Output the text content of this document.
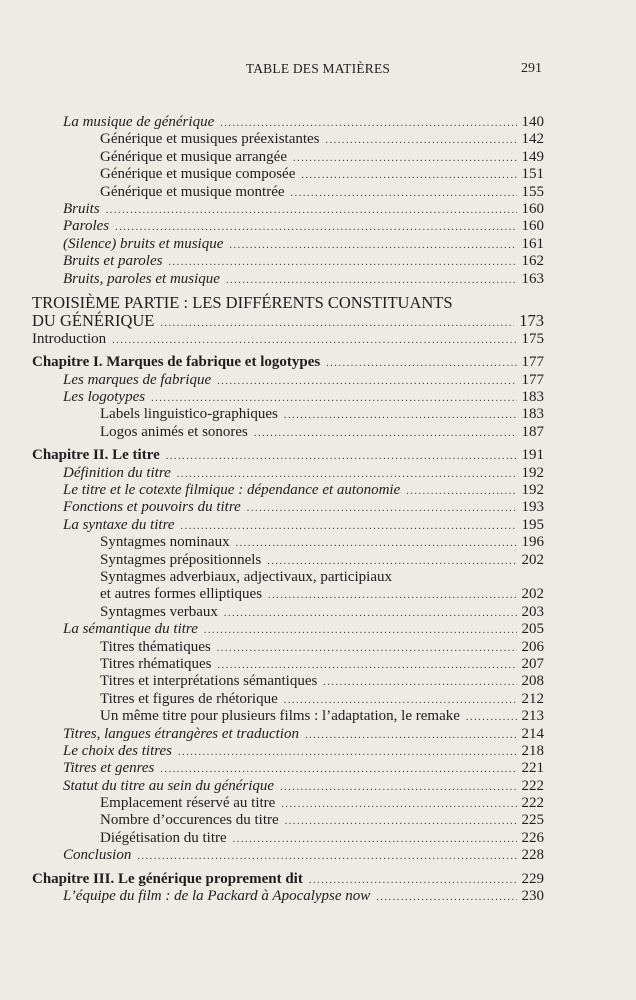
TABLE DES MATIÈRES	291
La musique de générique .....	140
Générique et musiques préexistantes .....	142
Générique et musique arrangée .....	149
Générique et musique composée .....	151
Générique et musique montrée .....	155
Bruits .....	160
Paroles .....	160
(Silence) bruits et musique .....	161
Bruits et paroles .....	162
Bruits, paroles et musique .....	163
TROISIÈME PARTIE : LES DIFFÉRENTS CONSTITUANTS
DU GÉNÉRIQUE .....	173
Introduction .....	175
Chapitre I. Marques de fabrique et logotypes .....	177
Les marques de fabrique .....	177
Les logotypes .....	183
Labels linguistico-graphiques .....	183
Logos animés et sonores .....	187
Chapitre II. Le titre .....	191
Définition du titre .....	192
Le titre et le cotexte filmique : dépendance et autonomie .....	192
Fonctions et pouvoirs du titre .....	193
La syntaxe du titre .....	195
Syntagmes nominaux .....	196
Syntagmes prépositionnels .....	202
Syntagmes adverbiaux, adjectivaux, participiaux
et autres formes elliptiques .....	202
Syntagmes verbaux .....	203
La sémantique du titre .....	205
Titres thématiques .....	206
Titres rhématiques .....	207
Titres et interprétations sémantiques .....	208
Titres et figures de rhétorique .....	212
Un même titre pour plusieurs films : l’adaptation, le remake .....	213
Titres, langues étrangères et traduction .....	214
Le choix des titres .....	218
Titres et genres .....	221
Statut du titre au sein du générique .....	222
Emplacement réservé au titre .....	222
Nombre d’occurences du titre .....	225
Diégétisation du titre .....	226
Conclusion .....	228
Chapitre III. Le générique proprement dit .....	229
L’équipe du film : de la Packard à Apocalypse now .....	230
